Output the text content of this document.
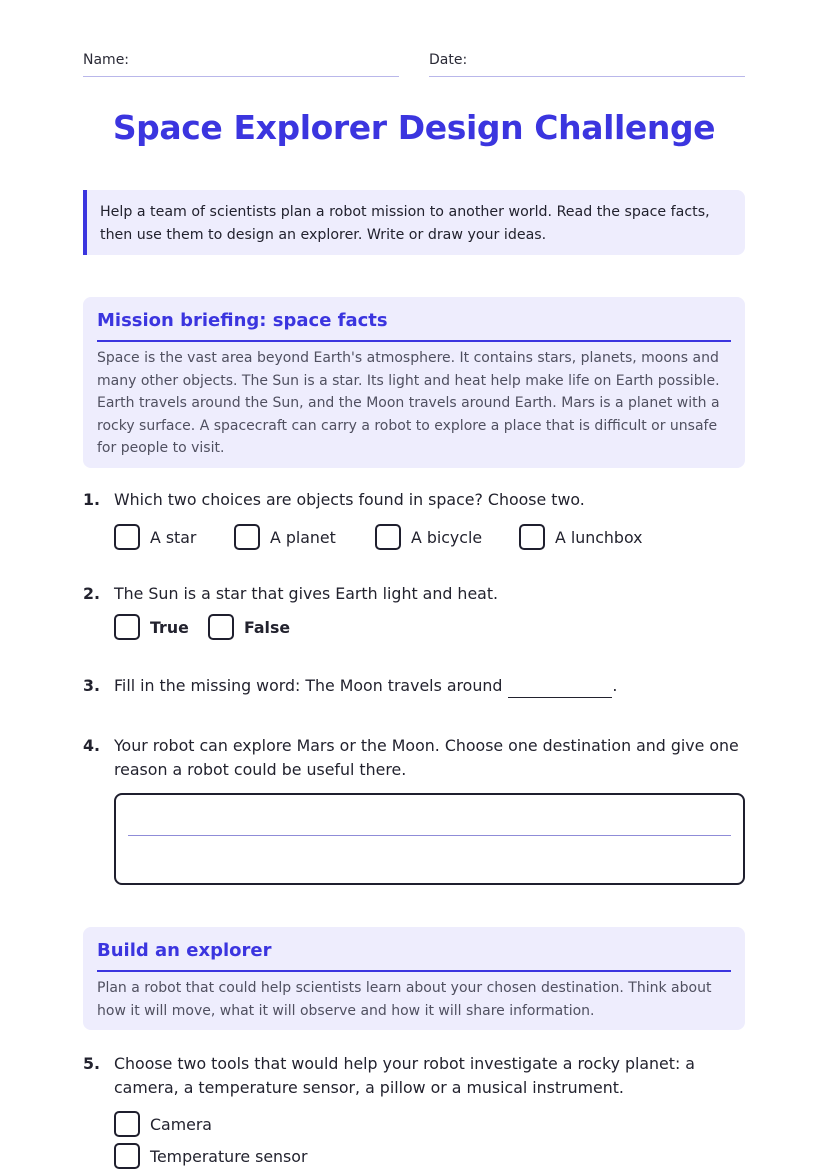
Name:	Date:
Space Explorer Design Challenge
Help a team of scientists plan a robot mission to another world. Read the space facts, then use them to design an explorer. Write or draw your ideas.
Mission briefing: space facts
Space is the vast area beyond Earth's atmosphere. It contains stars, planets, moons and many other objects. The Sun is a star. Its light and heat help make life on Earth possible. Earth travels around the Sun, and the Moon travels around Earth. Mars is a planet with a rocky surface. A spacecraft can carry a robot to explore a place that is difficult or unsafe for people to visit.
1. Which two choices are objects found in space? Choose two.
A star	A planet	A bicycle	A lunchbox
2. The Sun is a star that gives Earth light and heat.
True	False
3. Fill in the missing word: The Moon travels around	.
4. Your robot can explore Mars or the Moon. Choose one destination and give one reason a robot could be useful there.
Build an explorer
Plan a robot that could help scientists learn about your chosen destination. Think about how it will move, what it will observe and how it will share information.
5. Choose two tools that would help your robot investigate a rocky planet: a camera, a temperature sensor, a pillow or a musical instrument.
Camera
Temperature sensor
